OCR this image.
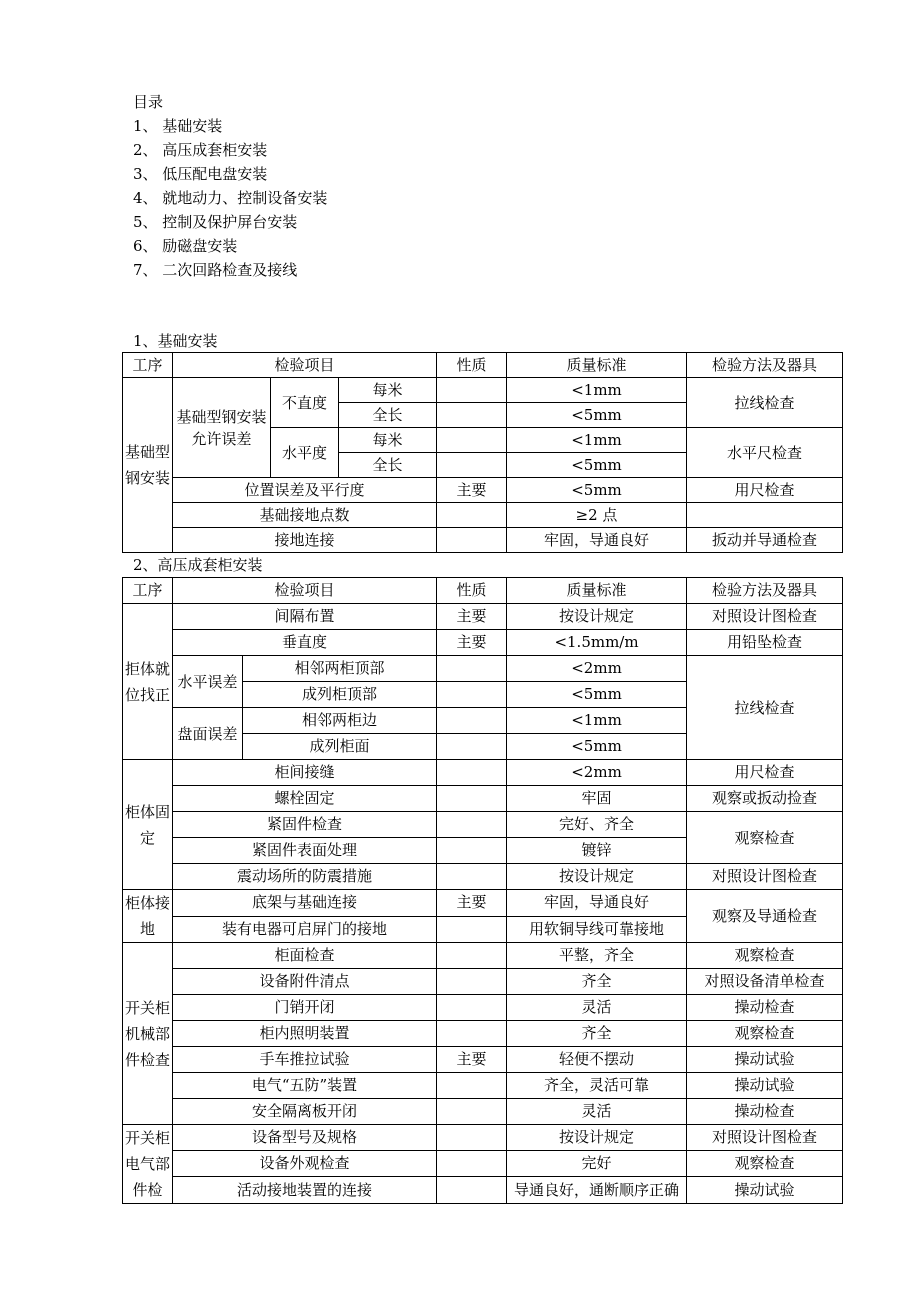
目录
1、 基础安装
2、 高压成套柜安装
3、 低压配电盘安装
4、 就地动力、控制设备安装
5、 控制及保护屏台安装
6、 励磁盘安装
7、 二次回路检查及接线
1、基础安装
工序	检验项目			性质	质量标准	检验方法及器具
基础型钢安装	基础型钢安装允许误差	不直度	每米		<1mm	拉线检查
			全长		<5mm	
		水平度	每米		<1mm	水平尺检查
			全长		<5mm	
	位置误差及平行度			主要	<5mm	用尺检查
	基础接地点数				≥2 点	
	接地连接				牢固，导通良好	扳动并导通检查
2、高压成套柜安装
工序	检验项目		性质	质量标准	检验方法及器具
拒体就位找正	间隔布置		主要	按设计规定	对照设计图检查
	垂直度		主要	<1.5mm/m	用铅坠检查
	水平误差	相邻两柜顶部		<2mm	拉线检查
		成列柜顶部		<5mm	
	盘面误差	相邻两柜边		<1mm	
		成列柜面		<5mm	
柜体固定	柜间接缝			<2mm	用尺检查
	螺栓固定			牢固	观察或扳动捡查
	紧固件检查			完好、齐全	观察检查
	紧固件表面处理			镀锌	
	震动场所的防震措施			按设计规定	对照设计图检查
柜体接地	底架与基础连接		主要	牢固，导通良好	观察及导通检查
	装有电器可启屏门的接地			用软铜导线可靠接地	
开关柜机械部件检查	柜面检查			平整，齐全	观察检查
	设备附件清点			齐全	对照设备清单检查
	门销开闭			灵活	操动检查
	柜内照明装置			齐全	观察检查
	手车推拉试验		主要	轻便不摆动	操动试验
	电气“五防”装置			齐全，灵活可靠	操动试验
	安全隔离板开闭			灵活	操动检查
开关柜电气部件检	设备型号及规格			按设计规定	对照设计图检查
	设备外观检查			完好	观察检查
	活动接地装置的连接			导通良好，通断顺序正确	操动试验
